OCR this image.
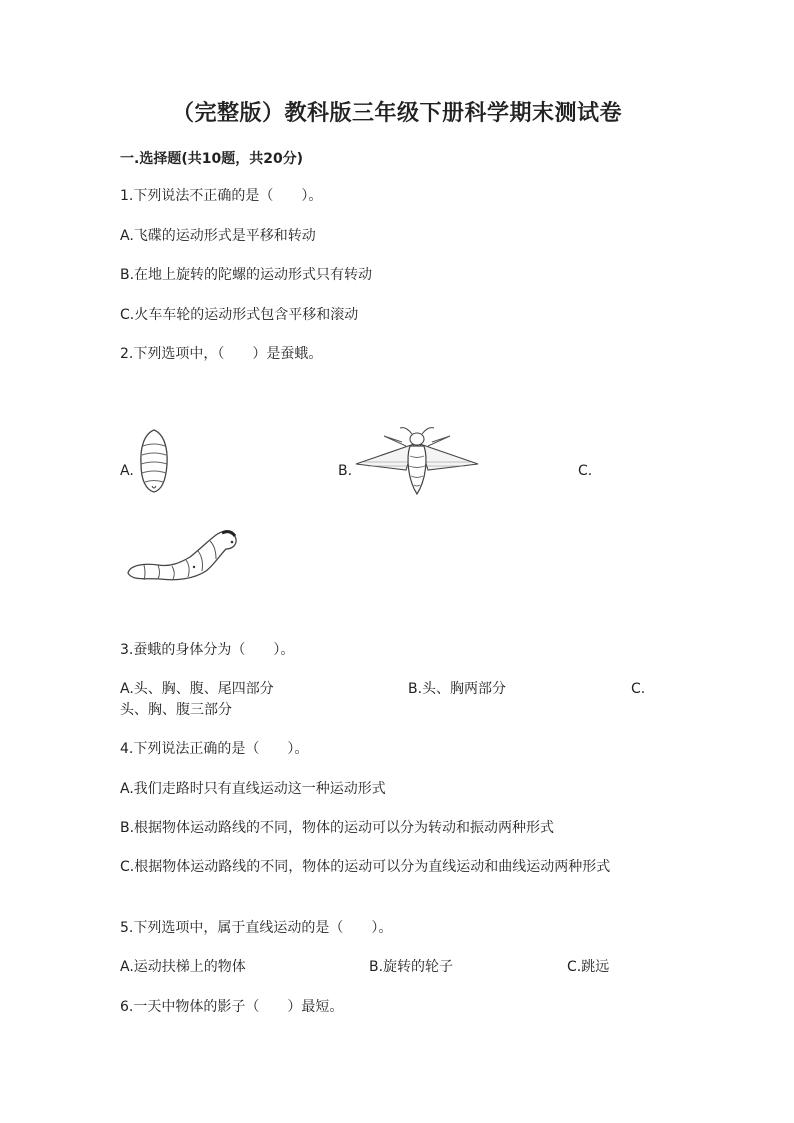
（完整版）教科版三年级下册科学期末测试卷
一.选择题(共10题，共20分)
1.下列说法不正确的是（　　）。
A.飞碟的运动形式是平移和转动
B.在地上旋转的陀螺的运动形式只有转动
C.火车车轮的运动形式包含平移和滚动
2.下列选项中，（　　）是蚕蛾。
A.	B.	C.
3.蚕蛾的身体分为（　　）。
A.头、胸、腹、尾四部分	B.头、胸两部分	C.
头、胸、腹三部分
4.下列说法正确的是（　　）。
A.我们走路时只有直线运动这一种运动形式
B.根据物体运动路线的不同，物体的运动可以分为转动和振动两种形式
C.根据物体运动路线的不同，物体的运动可以分为直线运动和曲线运动两种形式
5.下列选项中，属于直线运动的是（　　）。
A.运动扶梯上的物体	B.旋转的轮子	C.跳远
6.一天中物体的影子（　　）最短。
